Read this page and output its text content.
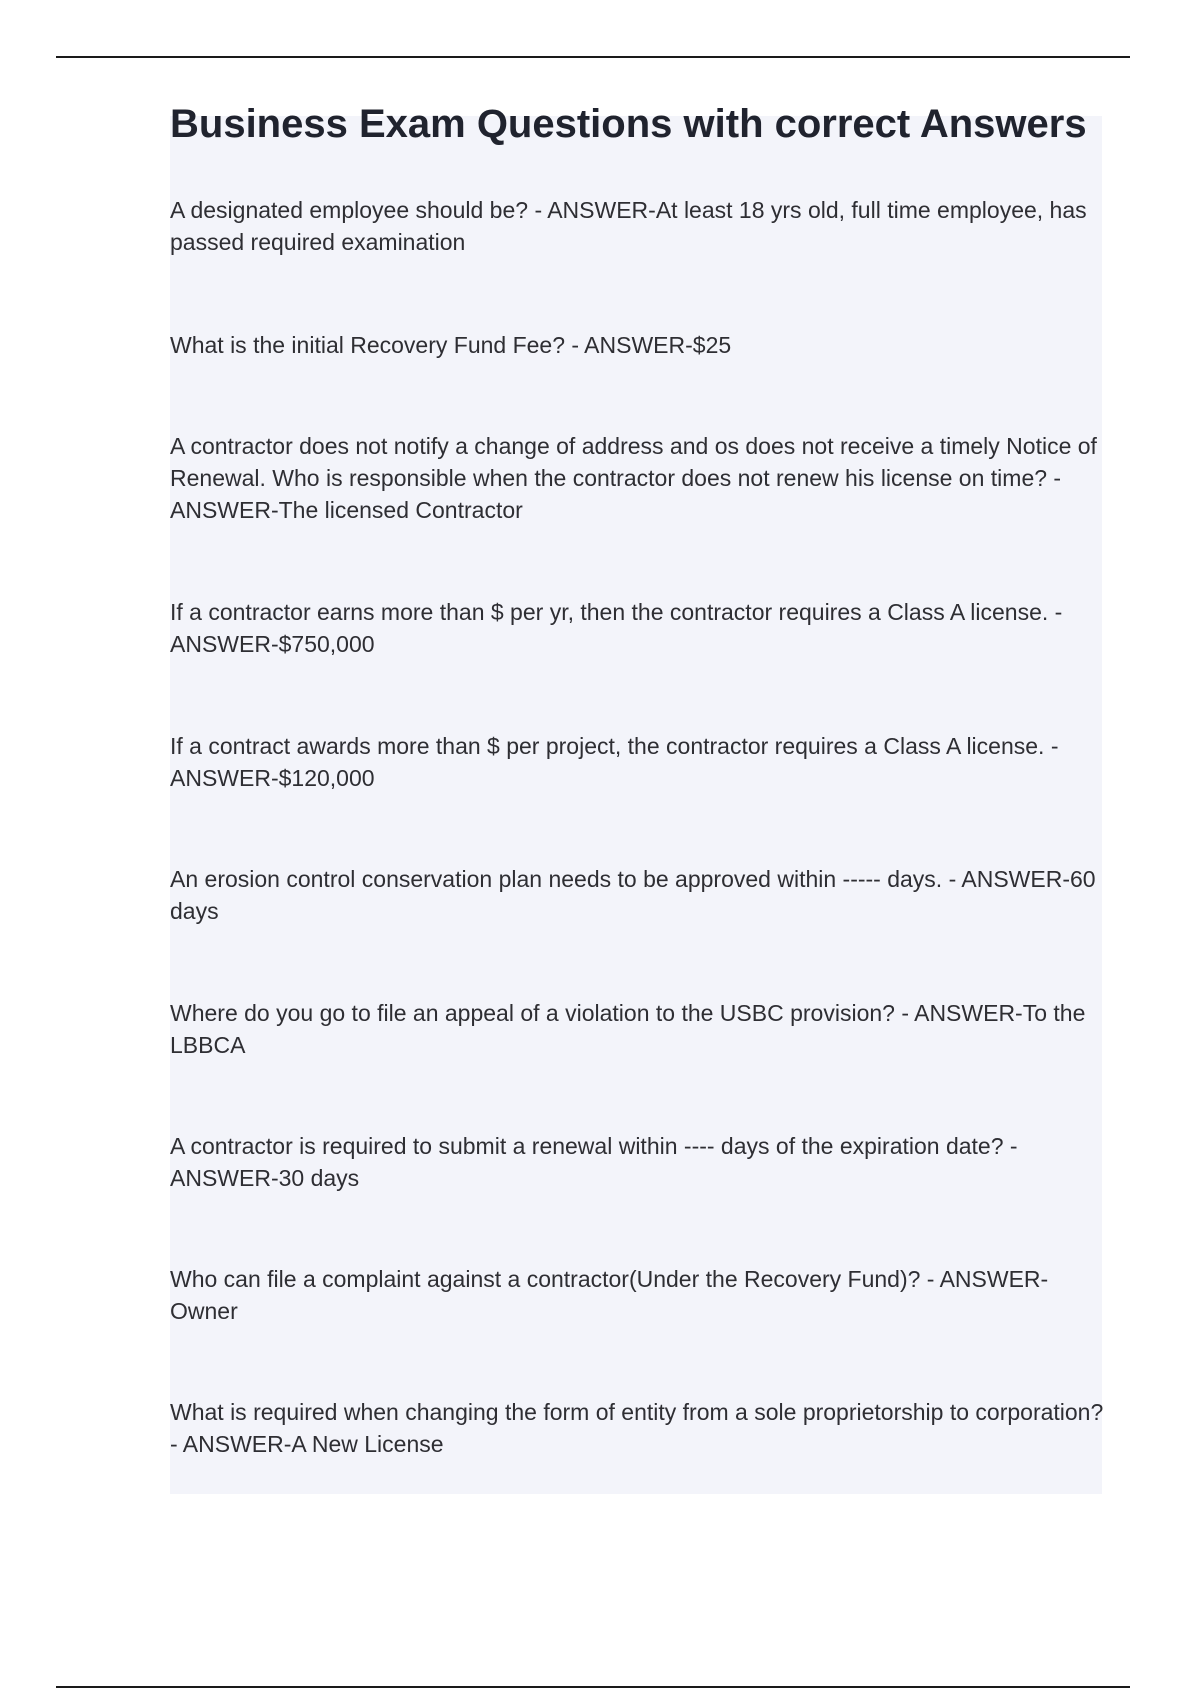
Business Exam Questions with correct Answers

A designated employee should be? - ANSWER-At least 18 yrs old, full time employee, has passed required examination

What is the initial Recovery Fund Fee? - ANSWER-$25

A contractor does not notify a change of address and os does not receive a timely Notice of Renewal. Who is responsible when the contractor does not renew his license on time? - ANSWER-The licensed Contractor

If a contractor earns more than $ per yr, then the contractor requires a Class A license. - ANSWER-$750,000

If a contract awards more than $ per project, the contractor requires a Class A license. - ANSWER-$120,000

An erosion control conservation plan needs to be approved within ----- days. - ANSWER-60 days

Where do you go to file an appeal of a violation to the USBC provision? - ANSWER-To the LBBCA

A contractor is required to submit a renewal within ---- days of the expiration date? - ANSWER-30 days

Who can file a complaint against a contractor(Under the Recovery Fund)? - ANSWER-Owner

What is required when changing the form of entity from a sole proprietorship to corporation? - ANSWER-A New License
